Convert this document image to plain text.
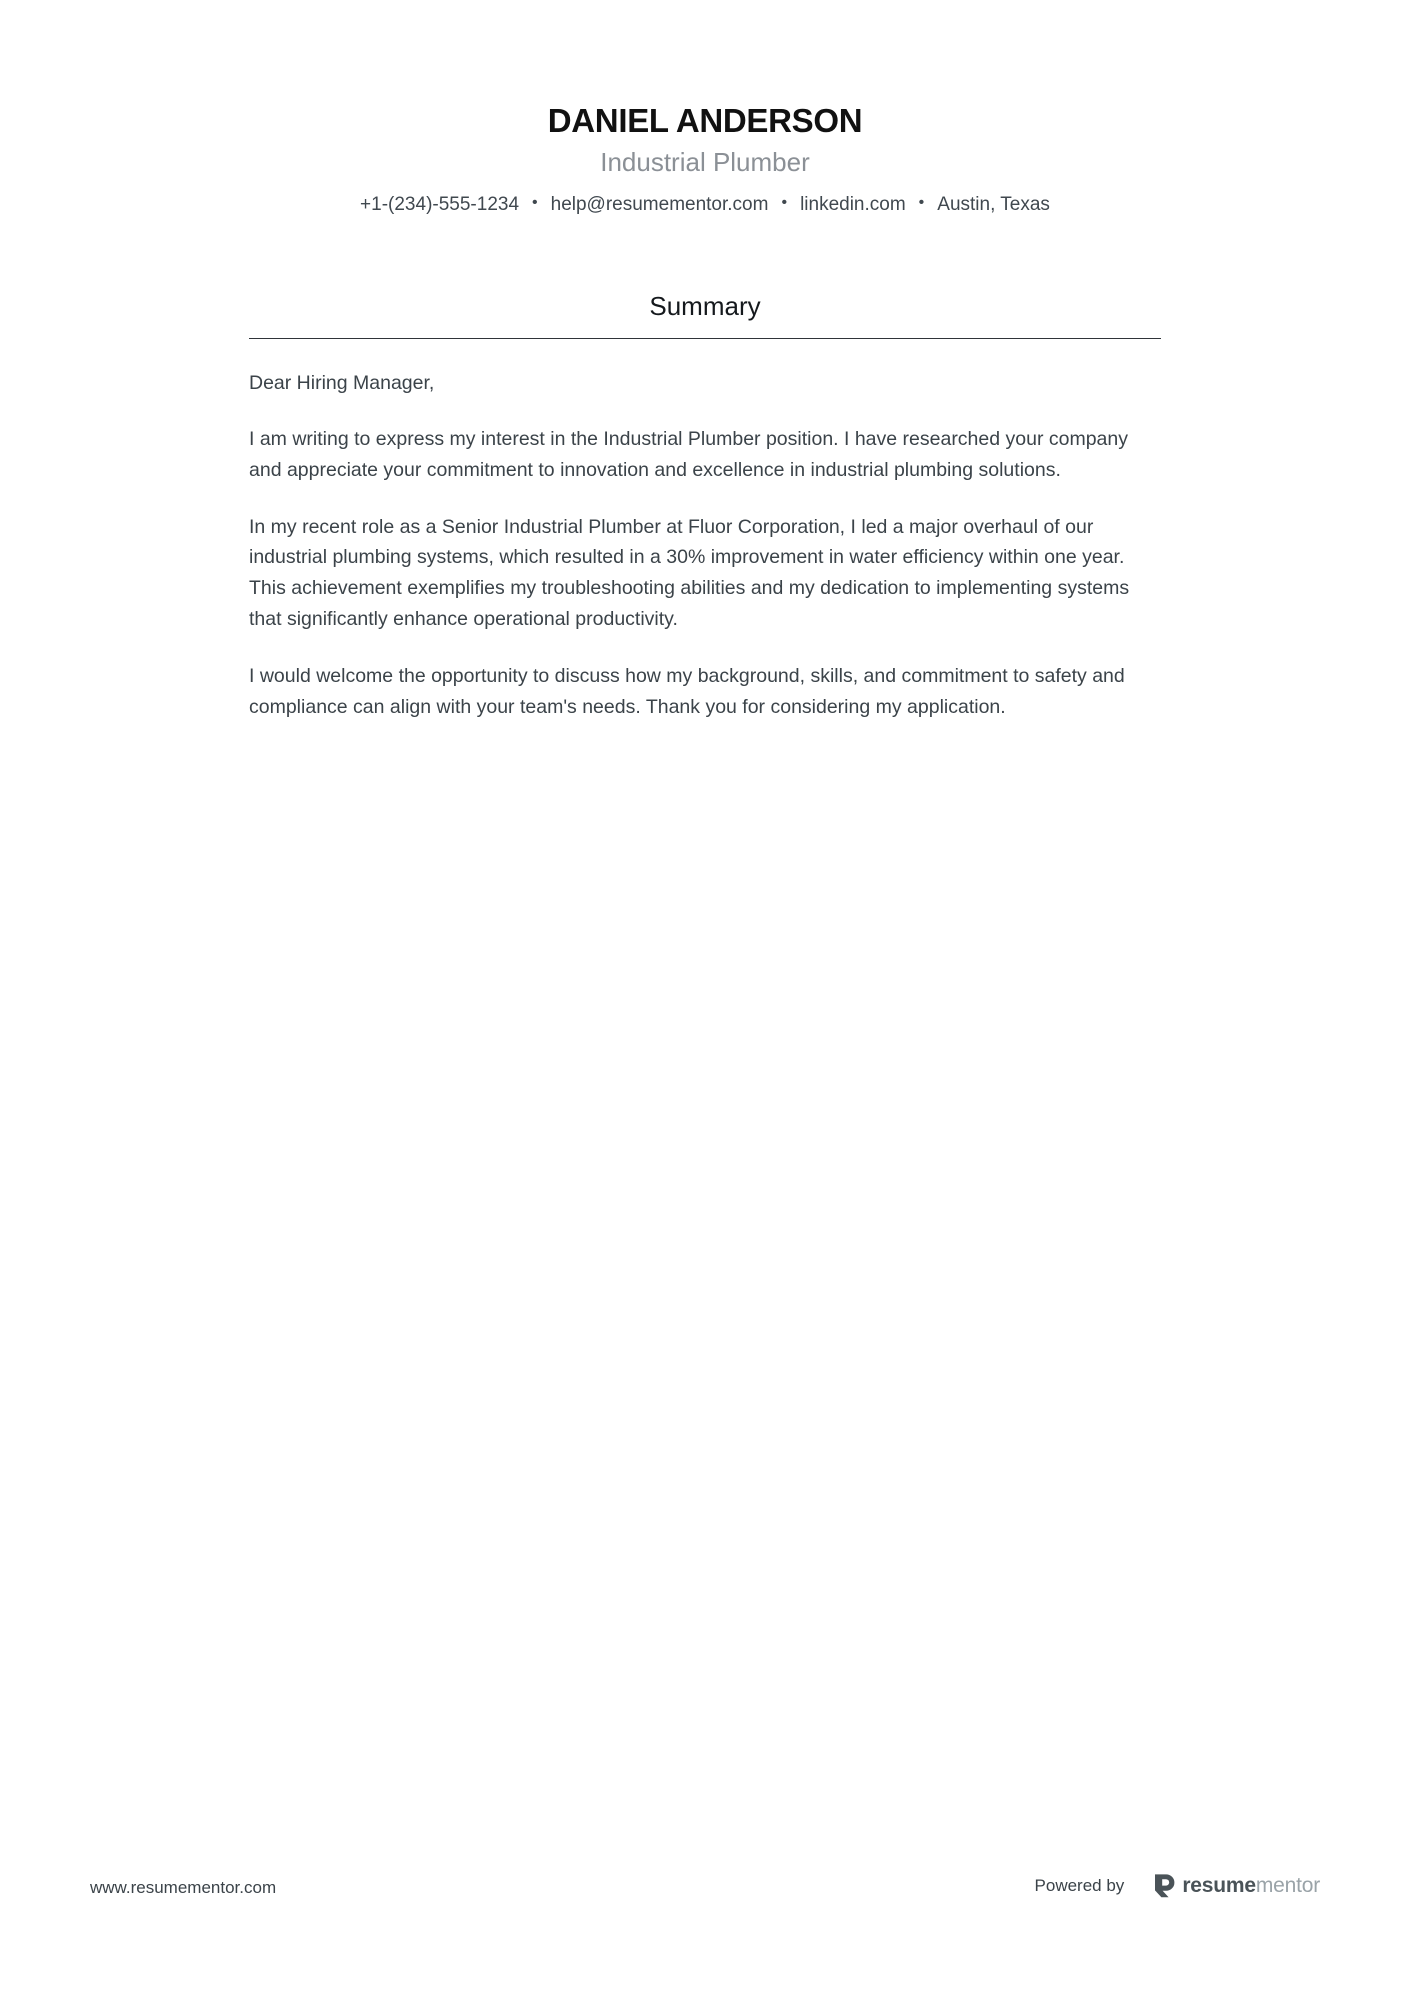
DANIEL ANDERSON
Industrial Plumber
+1-(234)-555-1234 • help@resumementor.com • linkedin.com • Austin, Texas
Summary

Dear Hiring Manager,

I am writing to express my interest in the Industrial Plumber position. I have researched your company and appreciate your commitment to innovation and excellence in industrial plumbing solutions.

In my recent role as a Senior Industrial Plumber at Fluor Corporation, I led a major overhaul of our industrial plumbing systems, which resulted in a 30% improvement in water efficiency within one year. This achievement exemplifies my troubleshooting abilities and my dedication to implementing systems that significantly enhance operational productivity.

I would welcome the opportunity to discuss how my background, skills, and commitment to safety and compliance can align with your team's needs. Thank you for considering my application.

www.resumementor.com	Powered by	resumementor
